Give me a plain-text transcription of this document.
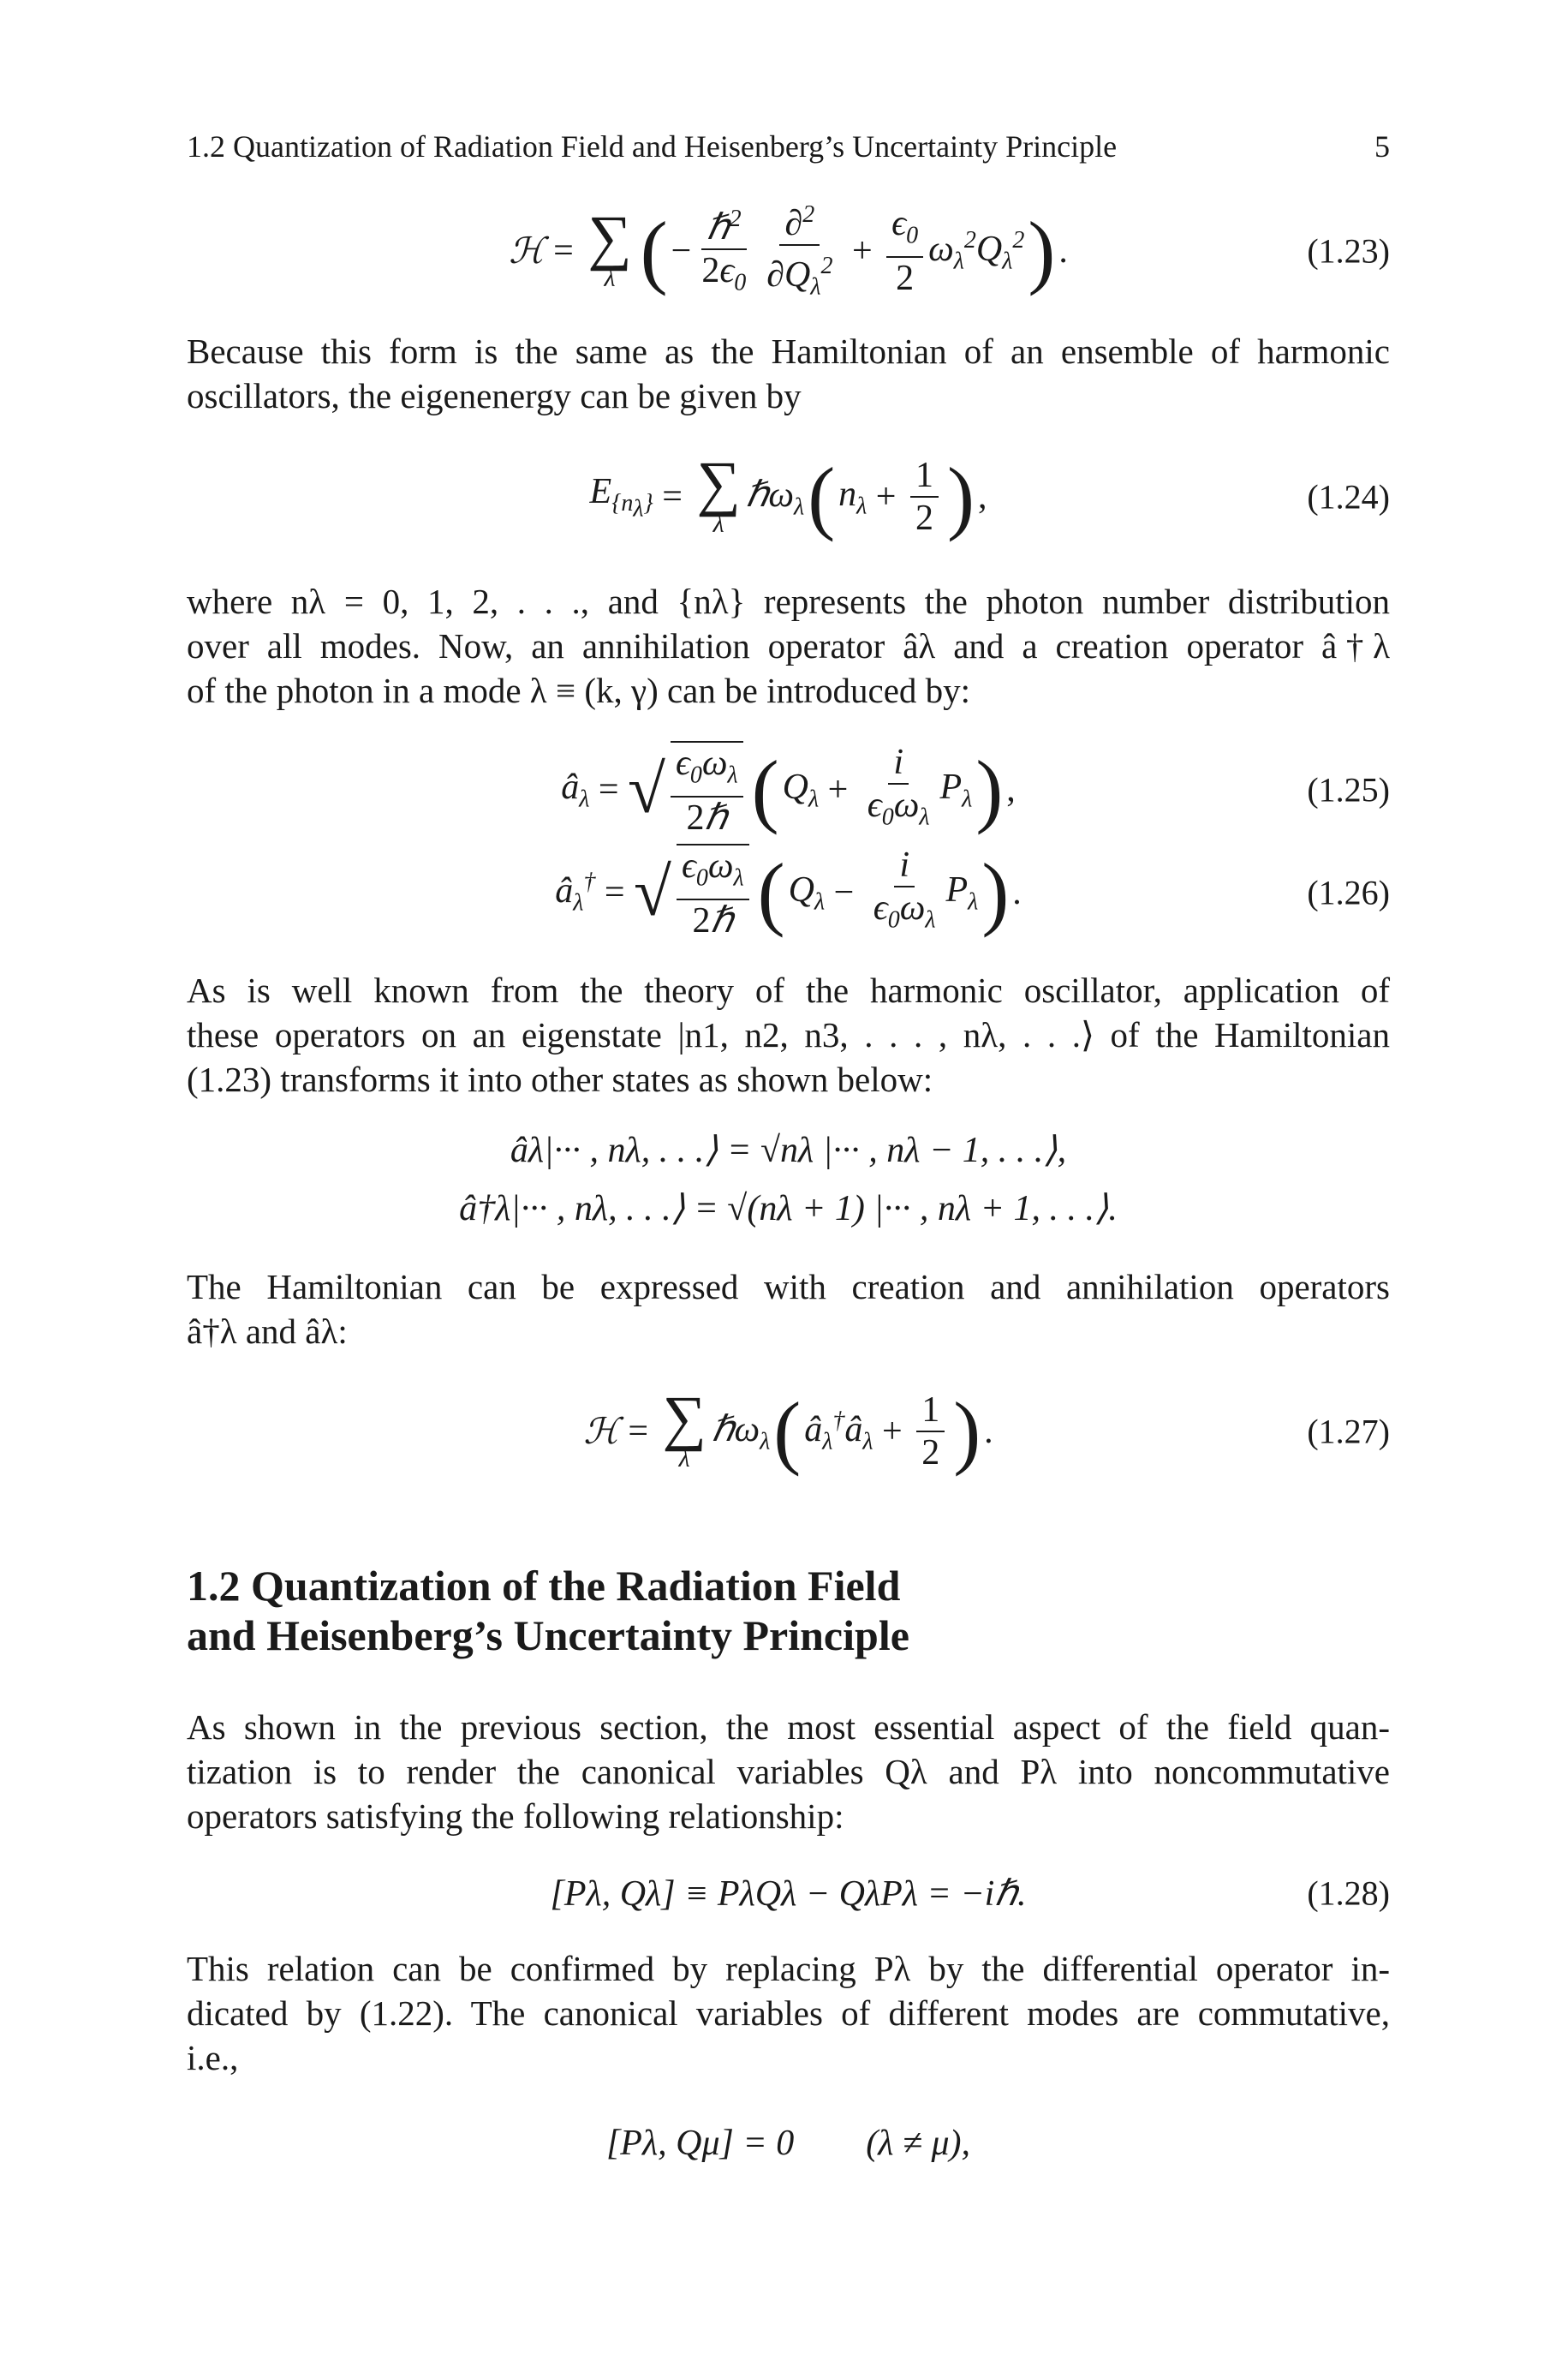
1.2 Quantization of Radiation Field and Heisenberg’s Uncertainty Principle	5
ℋ = ∑
λ ( − $\frac{\hbar^2}{2\epsilon_0} \frac{\partial^2}{\partial Q_\lambda^2} + \frac{\epsilon_0}{2} \omega_\lambda^2Q_\lambda^2$ ) .	(1.23)
Because this form is the same as the Hamiltonian of an ensemble of harmonic
oscillators, the eigenenergy can be given by
$E_{\{n_\lambda\}}$ = ∑
λ
ℏω$_\lambda$ ( $n_\lambda + \frac{1}{2}$ ) ,	(1.24)
where nλ = 0, 1, 2, . . ., and {nλ} represents the photon number distribution
over all modes. Now, an annihilation operator âλ and a creation operator â†λ
of the photon in a mode λ ≡ (k, γ) can be introduced by:
$â_\lambda$ = √ $\frac{\epsilon_0\omega_\lambda}{\text{2ℏ}}$ ( $Q_\lambda + \frac{i}{\epsilon_0\omega_\lambda} P_\lambda$ ) ,	(1.25)
$â_\lambda^\dagger$ = √ $\frac{\epsilon_0\omega_\lambda}{\text{2ℏ}}$ ( $Q_\lambda - \frac{i}{\epsilon_0\omega_\lambda} P_\lambda$ ) .	(1.26)
As is well known from the theory of the harmonic oscillator, application of
these operators on an eigenstate |n1, n2, n3, . . . , nλ, . . .⟩ of the Hamiltonian
(1.23) transforms it into other states as shown below:
âλ|··· , nλ, . . .⟩ = √nλ |··· , nλ − 1, . . .⟩,
â†λ|··· , nλ, . . .⟩ = √(nλ + 1) |··· , nλ + 1, . . .⟩.
The Hamiltonian can be expressed with creation and annihilation operators
â†λ and âλ:
ℋ = ∑
λ
ℏω$_\lambda$ ( $â_\lambda^\dagger â_\lambda + \frac{1}{2}$ ) .	(1.27)
1.2 Quantization of the Radiation Field
and Heisenberg’s Uncertainty Principle
As shown in the previous section, the most essential aspect of the field quan-
tization is to render the canonical variables Qλ and Pλ into noncommutative
operators satisfying the following relationship:
[Pλ, Qλ] ≡ PλQλ − QλPλ = −iℏ.	(1.28)
This relation can be confirmed by replacing Pλ by the differential operator in-
dicated by (1.22). The canonical variables of different modes are commutative,
i.e.,
[Pλ, Qμ] = 0        (λ ≠ μ),
